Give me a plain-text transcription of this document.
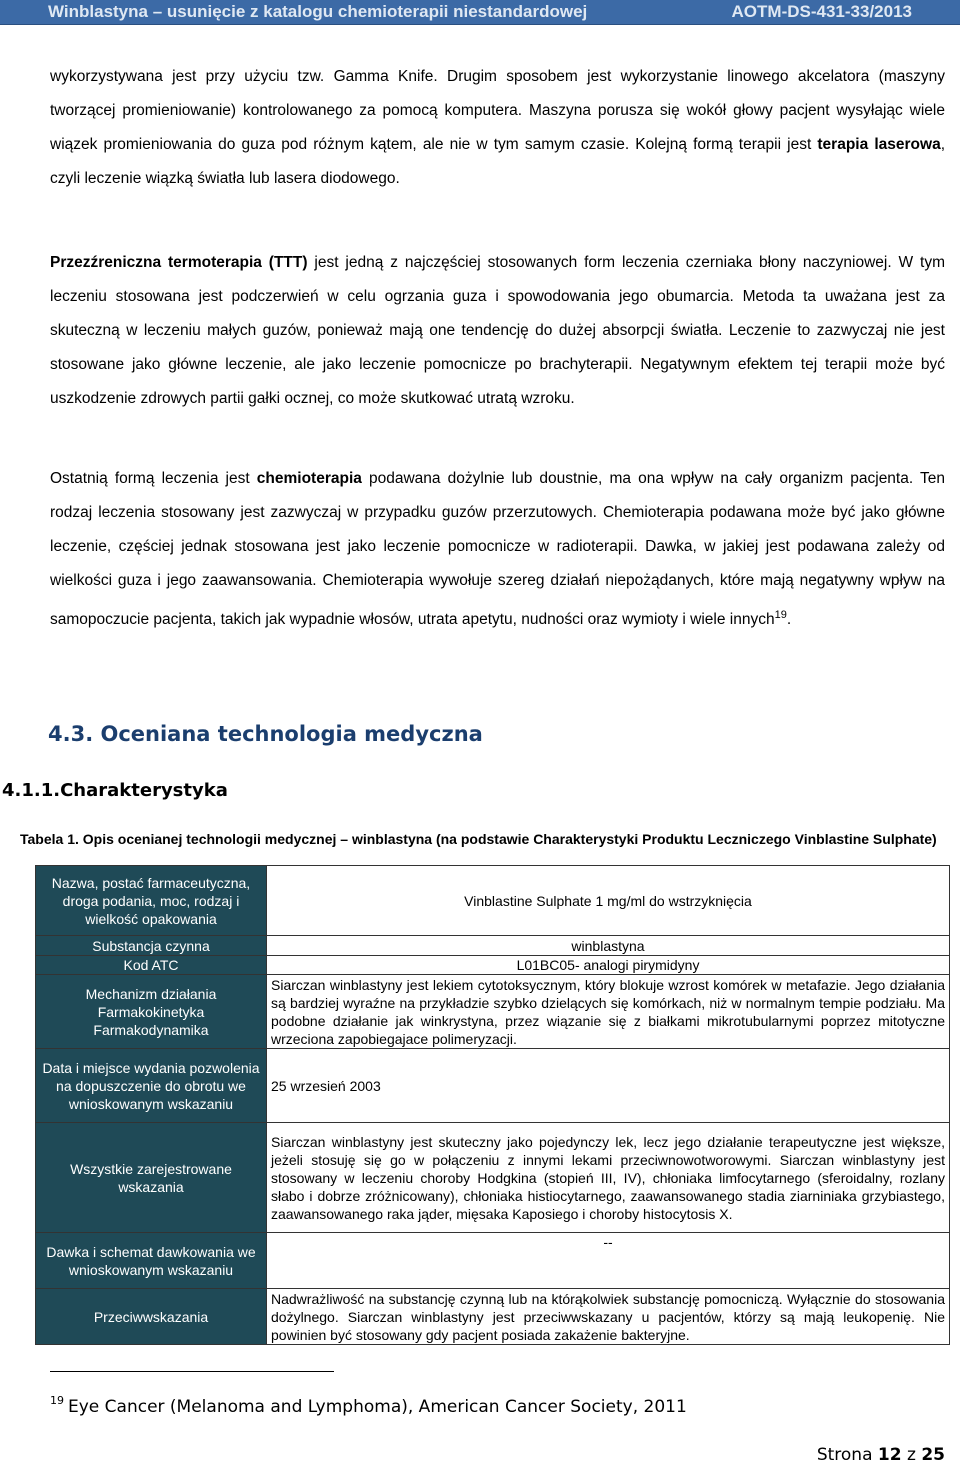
Winblastyna – usunięcie z katalogu chemioterapii niestandardowej	AOTM-DS-431-33/2013

wykorzystywana jest przy użyciu tzw. Gamma Knife. Drugim sposobem jest wykorzystanie linowego akcelatora (maszyny tworzącej promieniowanie) kontrolowanego za pomocą komputera. Maszyna porusza się wokół głowy pacjent wysyłając wiele wiązek promieniowania do guza pod różnym kątem, ale nie w tym samym czasie. Kolejną formą terapii jest terapia laserowa, czyli leczenie wiązką światła lub lasera diodowego.

Przezźreniczna termoterapia (TTT) jest jedną z najczęściej stosowanych form leczenia czerniaka błony naczyniowej. W tym leczeniu stosowana jest podczerwień w celu ogrzania guza i spowodowania jego obumarcia. Metoda ta uważana jest za skuteczną w leczeniu małych guzów, ponieważ mają one tendencję do dużej absorpcji światła. Leczenie to zazwyczaj nie jest stosowane jako główne leczenie, ale jako leczenie pomocnicze po brachyterapii. Negatywnym efektem tej terapii może być uszkodzenie zdrowych partii gałki ocznej, co może skutkować utratą wzroku.

Ostatnią formą leczenia jest chemioterapia podawana dożylnie lub doustnie, ma ona wpływ na cały organizm pacjenta. Ten rodzaj leczenia stosowany jest zazwyczaj w przypadku guzów przerzutowych. Chemioterapia podawana może być jako główne leczenie, częściej jednak stosowana jest jako leczenie pomocnicze w radioterapii. Dawka, w jakiej jest podawana zależy od wielkości guza i jego zaawansowania. Chemioterapia wywołuje szereg działań niepożądanych, które mają negatywny wpływ na samopoczucie pacjenta, takich jak wypadnie włosów, utrata apetytu, nudności oraz wymioty i wiele innych$^{19}$.

4.3. Oceniana technologia medyczna
4.1.1.Charakterystyka
Tabela 1. Opis ocenianej technologii medycznej – winblastyna (na podstawie Charakterystyki Produktu Leczniczego Vinblastine Sulphate)
Nazwa, postać farmaceutyczna, droga podania, moc, rodzaj i wielkość opakowania	Vinblastine Sulphate 1 mg/ml do wstrzyknięcia
Substancja czynna	winblastyna
Kod ATC	L01BC05- analogi pirymidyny
Mechanizm działania Farmakokinetyka Farmakodynamika	Siarczan winblastyny jest lekiem cytotoksycznym, który blokuje wzrost komórek w metafazie. Jego działania są bardziej wyraźne na przykładzie szybko dzielących się komórkach, niż w normalnym tempie podziału. Ma podobne działanie jak winkrystyna, przez wiązanie się z białkami mikrotubularnymi poprzez mitotyczne wrzeciona zapobiegajace polimeryzacji.
Data i miejsce wydania pozwolenia na dopuszczenie do obrotu we wnioskowanym wskazaniu	25 wrzesień 2003
Wszystkie zarejestrowane wskazania	Siarczan winblastyny jest skuteczny jako pojedynczy lek, lecz jego działanie terapeutyczne jest większe, jeżeli stosuję się go w połączeniu z innymi lekami przeciwnowotworowymi. Siarczan winblastyny jest stosowany w leczeniu choroby Hodgkina (stopień III, IV), chłoniaka limfocytarnego (sferoidalny, rozlany słabo i dobrze zróżnicowany), chłoniaka histiocytarnego, zaawansowanego stadia ziarniniaka grzybiastego, zaawansowanego raka jąder, mięsaka Kaposiego i choroby histocytosis X.
Dawka i schemat dawkowania we wnioskowanym wskazaniu	--
Przeciwwskazania	Nadwrażliwość na substancję czynną lub na którąkolwiek substancję pomocniczą. Wyłącznie do stosowania dożylnego. Siarczan winblastyny jest przeciwwskazany u pacjentów, którzy są mają leukopenię. Nie powinien być stosowany gdy pacjent posiada zakażenie bakteryjne.
$^{19}$ Eye Cancer (Melanoma and Lymphoma), American Cancer Society, 2011
Strona 12 z 25
